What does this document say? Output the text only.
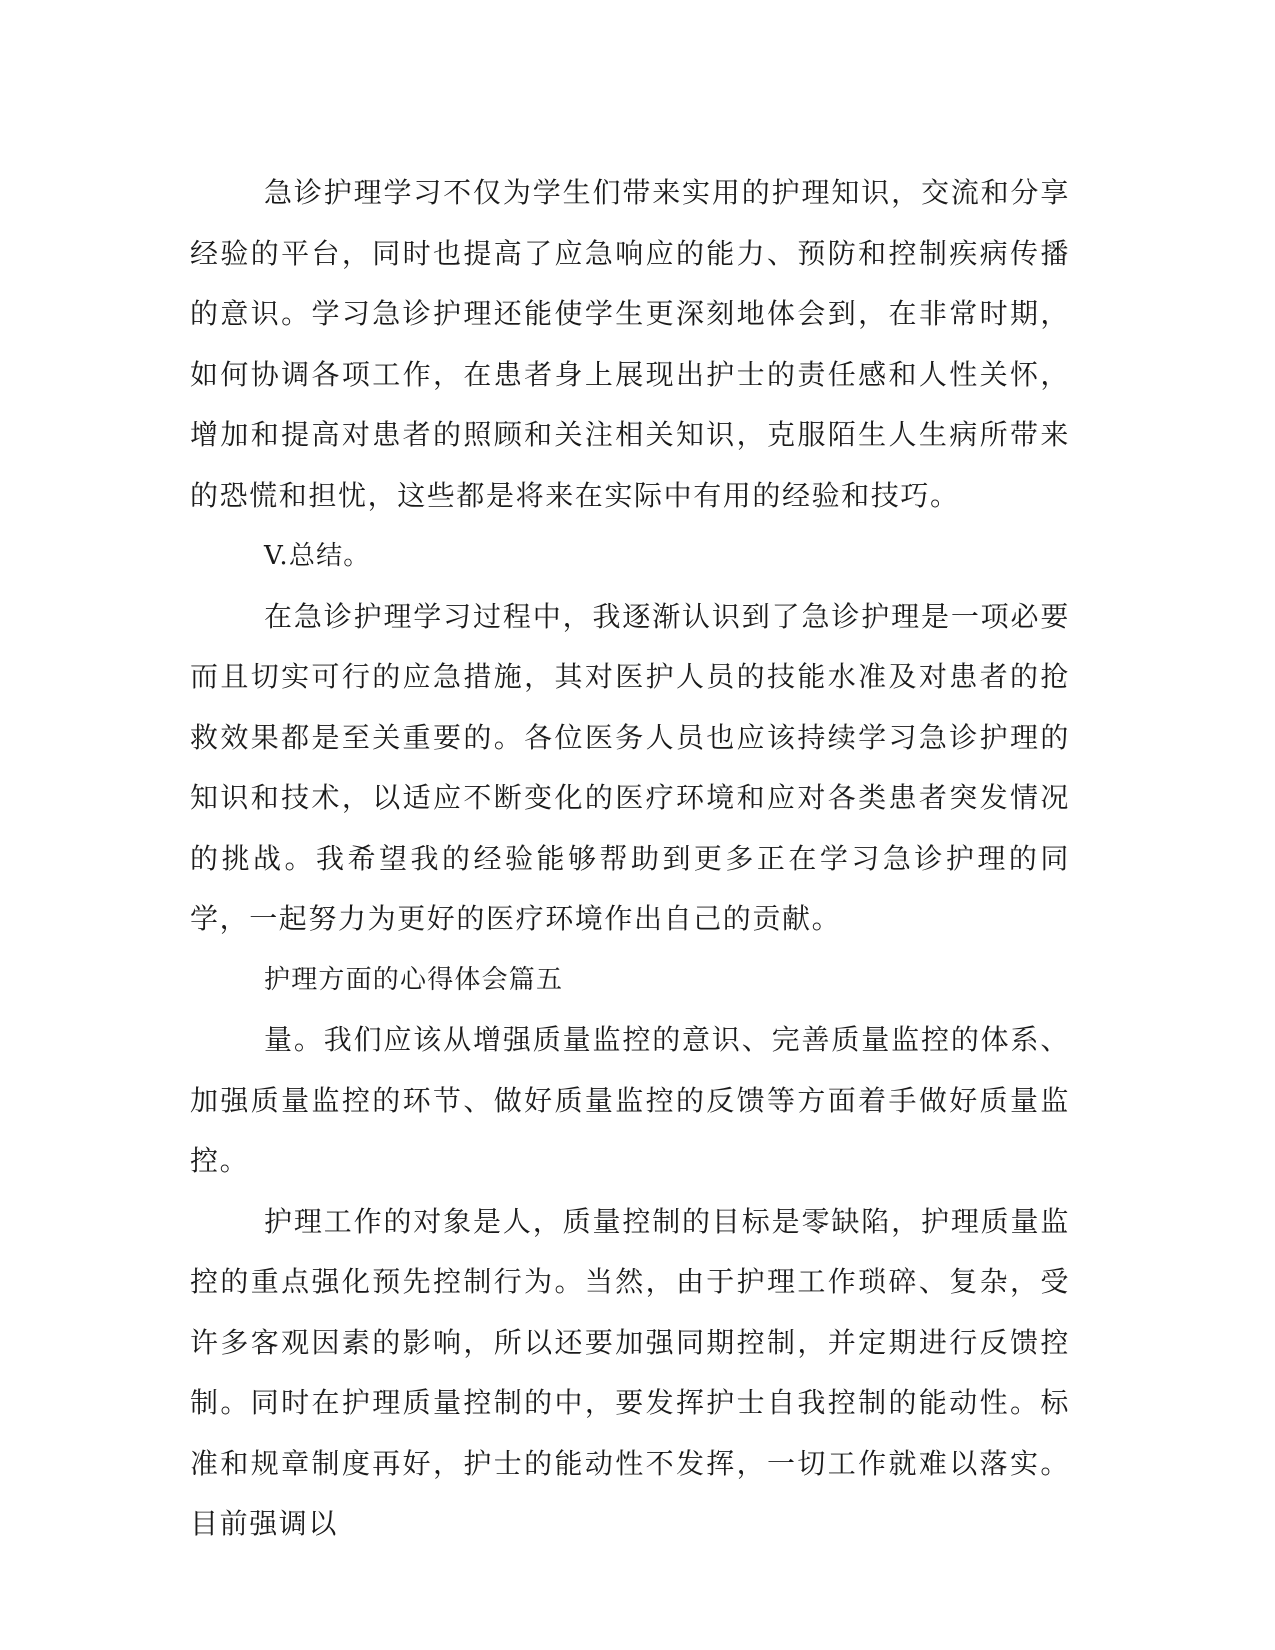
急诊护理学习不仅为学生们带来实用的护理知识，交流和分享经验的平台，同时也提高了应急响应的能力、预防和控制疾病传播的意识。学习急诊护理还能使学生更深刻地体会到，在非常时期，如何协调各项工作，在患者身上展现出护士的责任感和人性关怀，增加和提高对患者的照顾和关注相关知识，克服陌生人生病所带来的恐慌和担忧，这些都是将来在实际中有用的经验和技巧。

V.总结。

在急诊护理学习过程中，我逐渐认识到了急诊护理是一项必要而且切实可行的应急措施，其对医护人员的技能水准及对患者的抢救效果都是至关重要的。各位医务人员也应该持续学习急诊护理的知识和技术，以适应不断变化的医疗环境和应对各类患者突发情况的挑战。我希望我的经验能够帮助到更多正在学习急诊护理的同学，一起努力为更好的医疗环境作出自己的贡献。

护理方面的心得体会篇五

量。我们应该从增强质量监控的意识、完善质量监控的体系、加强质量监控的环节、做好质量监控的反馈等方面着手做好质量监控。

护理工作的对象是人，质量控制的目标是零缺陷，护理质量监控的重点强化预先控制行为。当然，由于护理工作琐碎、复杂，受许多客观因素的影响，所以还要加强同期控制，并定期进行反馈控制。同时在护理质量控制的中，要发挥护士自我控制的能动性。标准和规章制度再好，护士的能动性不发挥，一切工作就难以落实。目前强调以
